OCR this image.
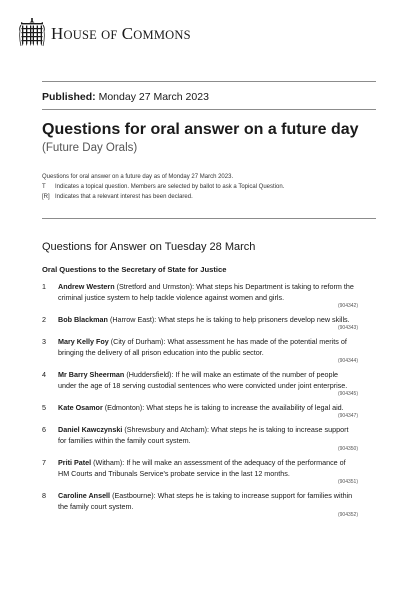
HOUSE OF COMMONS
Published: Monday 27 March 2023
Questions for oral answer on a future day
(Future Day Orals)
Questions for oral answer on a future day as of Monday 27 March 2023.
T	Indicates a topical question. Members are selected by ballot to ask a Topical Question.
[R] Indicates that a relevant interest has been declared.
Questions for Answer on Tuesday 28 March
Oral Questions to the Secretary of State for Justice
1 Andrew Western (Stretford and Urmston): What steps his Department is taking to reform the criminal justice system to help tackle violence against women and girls.
(904342)
2 Bob Blackman (Harrow East): What steps he is taking to help prisoners develop new skills.
(904343)
3 Mary Kelly Foy (City of Durham): What assessment he has made of the potential merits of bringing the delivery of all prison education into the public sector.
(904344)
4 Mr Barry Sheerman (Huddersfield): If he will make an estimate of the number of people under the age of 18 serving custodial sentences who were convicted under joint enterprise.
(904345)
5 Kate Osamor (Edmonton): What steps he is taking to increase the availability of legal aid.
(904347)
6 Daniel Kawczynski (Shrewsbury and Atcham): What steps he is taking to increase support for families within the family court system.
(904350)
7 Priti Patel (Witham): If he will make an assessment of the adequacy of the performance of HM Courts and Tribunals Service's probate service in the last 12 months.
(904351)
8 Caroline Ansell (Eastbourne): What steps he is taking to increase support for families within the family court system.
(904352)
